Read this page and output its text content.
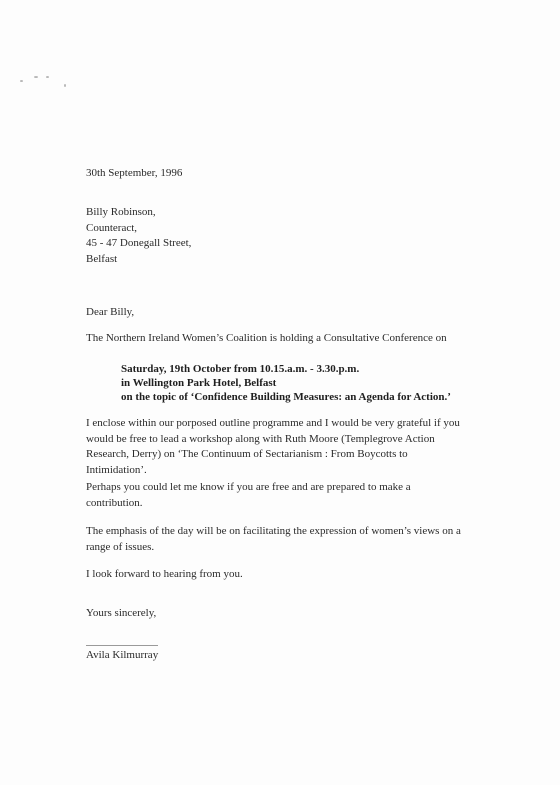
30th September, 1996
Billy Robinson,
Counteract,
45 - 47 Donegall Street,
Belfast
Dear Billy,
The Northern Ireland Women’s Coalition is holding a Consultative Conference on
Saturday, 19th October from 10.15.a.m. - 3.30.p.m.
in Wellington Park Hotel, Belfast
on the topic of ‘Confidence Building Measures: an Agenda for Action.’
I enclose within our porposed outline programme and I would be very grateful if you
would be free to lead a workshop along with Ruth Moore (Templegrove Action
Research, Derry) on ‘The Continuum of Sectarianism : From Boycotts to
Intimidation’.
Perhaps you could let me know if you are free and are prepared to make a
contribution.
The emphasis of the day will be on facilitating the expression of women’s views on a
range of issues.
I look forward to hearing from you.
Yours sincerely,
Avila Kilmurray
